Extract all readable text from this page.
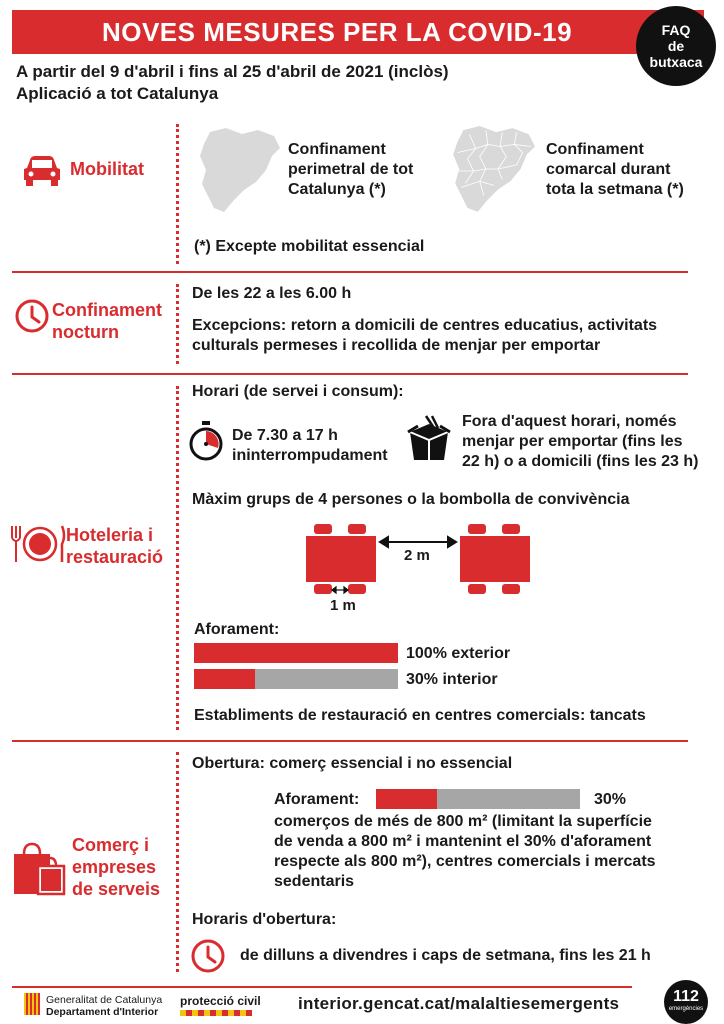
NOVES MESURES PER LA COVID-19	FAQ
de
butxaca
A partir del 9 d'abril i fins al 25 d'abril de 2021 (inclòs)
Aplicació a tot Catalunya
Mobilitat
Confinament
perimetral de tot
Catalunya (*)
Confinament
comarcal durant
tota la setmana (*)
(*) Excepte mobilitat essencial
Confinament
nocturn
De les 22 a les 6.00 h
Excepcions: retorn a domicili de centres educatius, activitats
culturals permeses i recollida de menjar per emportar
Horari (de servei i consum):
De 7.30 a 17 h
ininterrompudament
Fora d'aquest horari, només
menjar per emportar (fins les
22 h) o a domicili (fins les 23 h)
Màxim grups de 4 persones o la bombolla de convivència
Hoteleria i
restauració	2 m
1 m
Aforament:
100% exterior
30% interior
Establiments de restauració en centres comercials: tancats
Obertura: comerç essencial i no essencial
Comerç i
empreses
de serveis
Aforament:	30%
comerços de més de 800 m² (limitant la superfície
de venda a 800 m² i mantenint el 30% d'aforament
respecte als 800 m²), centres comercials i mercats
sedentaris
Horaris d'obertura:
de dilluns a divendres i caps de setmana, fins les 21 h
Generalitat de Catalunya
Departament d'Interior
protecció civil interior.gencat.cat/malaltiesemergents	112
emergències
